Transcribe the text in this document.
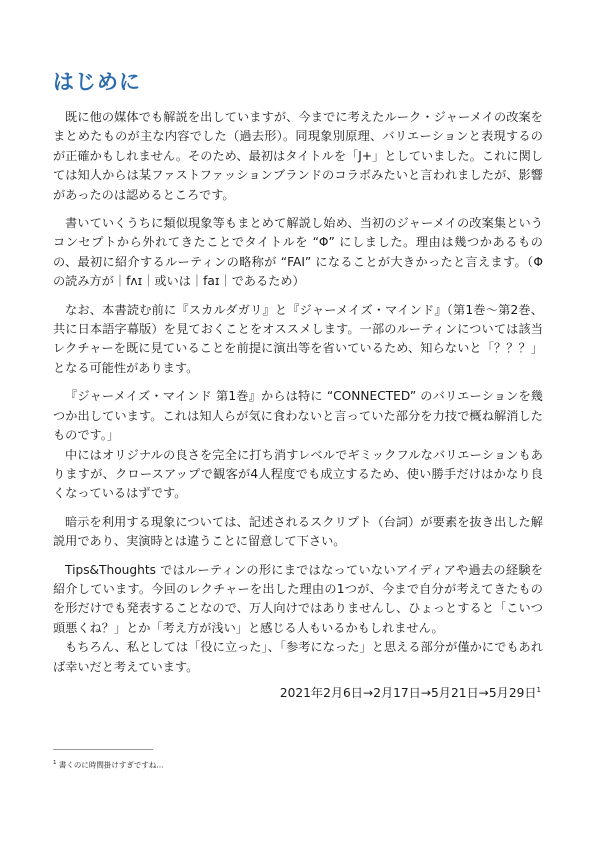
はじめに

既に他の媒体でも解説を出していますが、今までに考えたルーク・ジャーメイの改案をまとめたものが主な内容でした（過去形）。同現象別原理、バリエーションと表現するのが正確かもしれません。そのため、最初はタイトルを「J+」としていました。これに関しては知人からは某ファストファッションブランドのコラボみたいと言われましたが、影響があったのは認めるところです。

書いていくうちに類似現象等もまとめて解説し始め、当初のジャーメイの改案集というコンセプトから外れてきたことでタイトルを “Φ” にしました。理由は幾つかあるものの、最初に紹介するルーティンの略称が “FAI” になることが大きかったと言えます。（Φの読み方が｜fʌɪ｜或いは｜faɪ｜であるため）

なお、本書読む前に『スカルダガリ』と『ジャーメイズ・マインド』（第1巻〜第2巻、共に日本語字幕版）を見ておくことをオススメします。一部のルーティンについては該当レクチャーを既に見ていることを前提に演出等を省いているため、知らないと「？？？」となる可能性があります。

『ジャーメイズ・マインド 第1巻』からは特に “CONNECTED” のバリエーションを幾つか出しています。これは知人らが気に食わないと言っていた部分を力技で概ね解消したものです。」

中にはオリジナルの良さを完全に打ち消すレベルでギミックフルなバリエーションもありますが、クロースアップで観客が4人程度でも成立するため、使い勝手だけはかなり良くなっているはずです。

暗示を利用する現象については、記述されるスクリプト（台詞）が要素を抜き出した解説用であり、実演時とは違うことに留意して下さい。

Tips&Thoughts ではルーティンの形にまではなっていないアイディアや過去の経験を紹介しています。今回のレクチャーを出した理由の1つが、今まで自分が考えてきたものを形だけでも発表することなので、万人向けではありませんし、ひょっとすると「こいつ頭悪くね？」とか「考え方が浅い」と感じる人もいるかもしれません。

もちろん、私としては「役に立った」、「参考になった」と思える部分が僅かにでもあれば幸いだと考えています。

2021年2月6日→2月17日→5月21日→5月29日$^1$
$^1$ 書くのに時間掛けすぎですね...
